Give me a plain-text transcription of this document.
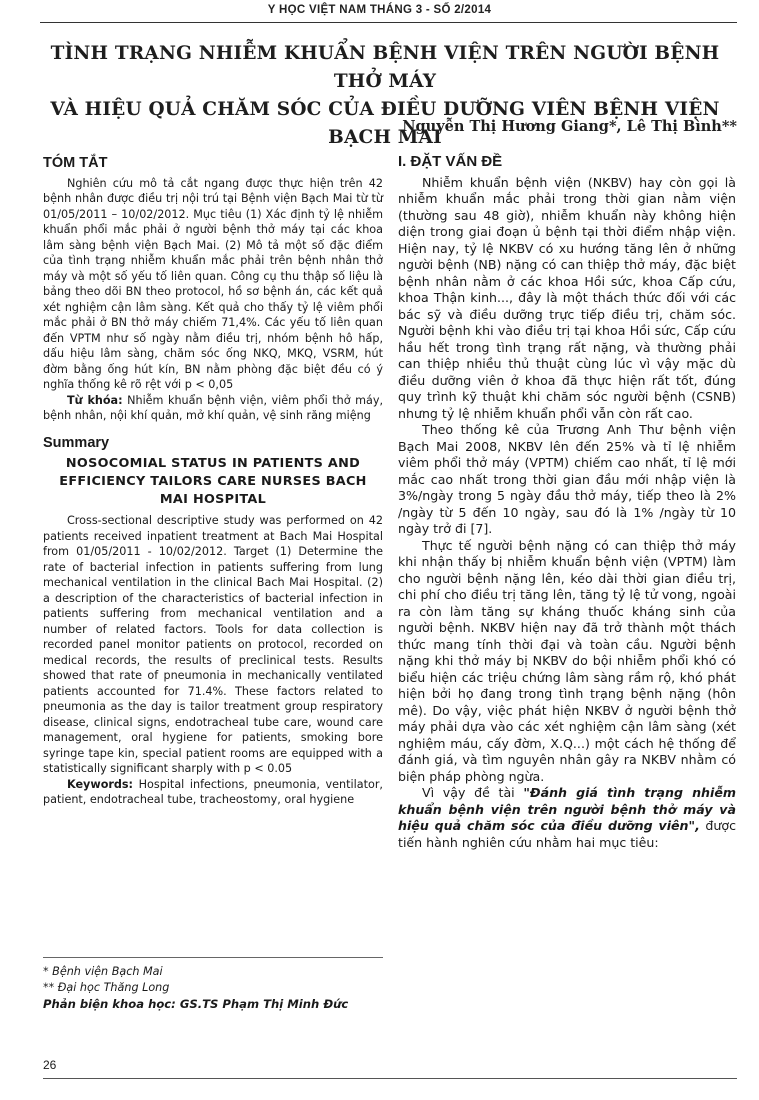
Y HỌC VIỆT NAM THÁNG 3 - SỐ 2/2014
TÌNH TRẠNG NHIỄM KHUẨN BỆNH VIỆN TRÊN NGƯỜI BỆNH THỞ MÁY
VÀ HIỆU QUẢ CHĂM SÓC CỦA ĐIỀU DƯỠNG VIÊN BỆNH VIỆN BẠCH MAI
Nguyễn Thị Hương Giang*, Lê Thị Bình**
TÓM TẮT

Nghiên cứu mô tả cắt ngang được thực hiện trên 42 bệnh nhân được điều trị nội trú tại Bệnh viện Bạch Mai từ từ 01/05/2011 – 10/02/2012. Mục tiêu (1) Xác định tỷ lệ nhiễm khuẩn phổi mắc phải ở người bệnh thở máy tại các khoa lâm sàng bệnh viện Bạch Mai. (2) Mô tả một số đặc điểm của tình trạng nhiễm khuẩn mắc phải trên bệnh nhân thở máy và một số yếu tố liên quan. Công cụ thu thập số liệu là bảng theo dõi BN theo protocol, hồ sơ bệnh án, các kết quả xét nghiệm cận lâm sàng. Kết quả cho thấy tỷ lệ viêm phổi mắc phải ở BN thở máy chiếm 71,4%. Các yếu tố liên quan đến VPTM như số ngày nằm điều trị, nhóm bệnh hô hấp, dấu hiệu lâm sàng, chăm sóc ống NKQ, MKQ, VSRM, hút đờm bằng ống hút kín, BN nằm phòng đặc biệt đều có ý nghĩa thống kê rõ rệt với p < 0,05

Từ khóa: Nhiễm khuẩn bệnh viện, viêm phổi thở máy, bệnh nhân, nội khí quản, mở khí quản, vệ sinh răng miệng

Summary
NOSOCOMIAL STATUS IN PATIENTS AND EFFICIENCY TAILORS CARE NURSES BACH MAI HOSPITAL

Cross-sectional descriptive study was performed on 42 patients received inpatient treatment at Bach Mai Hospital from 01/05/2011 - 10/02/2012. Target (1) Determine the rate of bacterial infection in patients suffering from lung mechanical ventilation in the clinical Bach Mai Hospital. (2) a description of the characteristics of bacterial infection in patients suffering from mechanical ventilation and a number of related factors. Tools for data collection is recorded panel monitor patients on protocol, recorded on medical records, the results of preclinical tests. Results showed that rate of pneumonia in mechanically ventilated patients accounted for 71.4%. These factors related to pneumonia as the day is tailor treatment group respiratory disease, clinical signs, endotracheal tube care, wound care management, oral hygiene for patients, smoking bore syringe tape kin, special patient rooms are equipped with a statistically significant sharply with p < 0.05

Keywords: Hospital infections, pneumonia, ventilator, patient, endotracheal tube, tracheostomy, oral hygiene

I. ĐẶT VẤN ĐỀ

Nhiễm khuẩn bệnh viện (NKBV) hay còn gọi là nhiễm khuẩn mắc phải trong thời gian nằm viện (thường sau 48 giờ), nhiễm khuẩn này không hiện diện trong giai đoạn ủ bệnh tại thời điểm nhập viện. Hiện nay, tỷ lệ NKBV có xu hướng tăng lên ở những người bệnh (NB) nặng có can thiệp thở máy, đặc biệt bệnh nhân nằm ở các khoa Hồi sức, khoa Cấp cứu, khoa Thận kinh..., đây là một thách thức đối với các bác sỹ và điều dưỡng trực tiếp điều trị, chăm sóc. Người bệnh khi vào điều trị tại khoa Hồi sức, Cấp cứu hầu hết trong tình trạng rất nặng, và thường phải can thiệp nhiều thủ thuật cùng lúc vì vậy mặc dù điều dưỡng viên ở khoa đã thực hiện rất tốt, đúng quy trình kỹ thuật khi chăm sóc người bệnh (CSNB) nhưng tỷ lệ nhiễm khuẩn phổi vẫn còn rất cao.

Theo thống kê của Trương Anh Thư bệnh viện Bạch Mai 2008, NKBV lên đến 25% và tỉ lệ nhiễm viêm phổi thở máy (VPTM) chiếm cao nhất, tỉ lệ mới mắc cao nhất trong thời gian đầu mới nhập viện là 3%/ngày trong 5 ngày đầu thở máy, tiếp theo là 2% /ngày từ 5 đến 10 ngày, sau đó là 1% /ngày từ 10 ngày trở đi [7].

Thực tế người bệnh nặng có can thiệp thở máy khi nhận thấy bị nhiễm khuẩn bệnh viện (VPTM) làm cho người bệnh nặng lên, kéo dài thời gian điều trị, chi phí cho điều trị tăng lên, tăng tỷ lệ tử vong, ngoài ra còn làm tăng sự kháng thuốc kháng sinh của người bệnh. NKBV hiện nay đã trở thành một thách thức mang tính thời đại và toàn cầu. Người bệnh nặng khi thở máy bị NKBV do bội nhiễm phổi khó có biểu hiện các triệu chứng lâm sàng rầm rộ, khó phát hiện bởi họ đang trong tình trạng bệnh nặng (hôn mê). Do vậy, việc phát hiện NKBV ở người bệnh thở máy phải dựa vào các xét nghiệm cận lâm sàng (xét nghiệm máu, cấy đờm, X.Q...) một cách hệ thống để đánh giá, và tìm nguyên nhân gây ra NKBV nhằm có biện pháp phòng ngừa.

Vì vậy đề tài "Đánh giá tình trạng nhiễm khuẩn bệnh viện trên người bệnh thở máy và hiệu quả chăm sóc của điều dưỡng viên", được tiến hành nghiên cứu nhằm hai mục tiêu:

* Bệnh viện Bạch Mai
** Đại học Thăng Long
Phản biện khoa học: GS.TS Phạm Thị Minh Đức
26
